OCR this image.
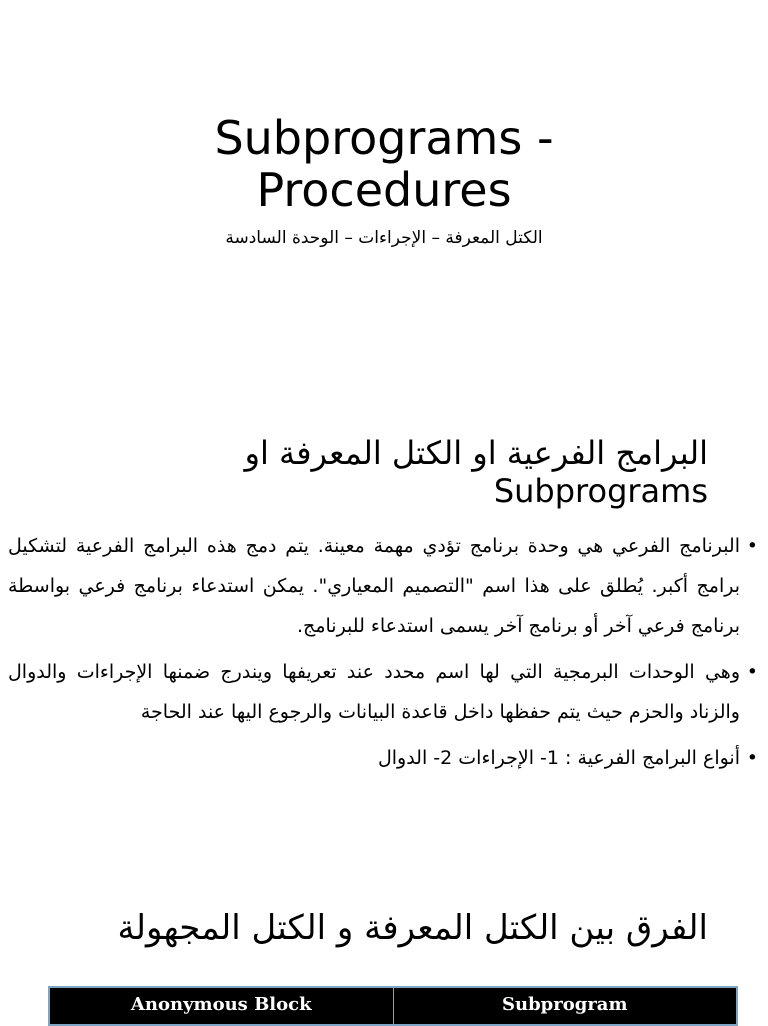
Subprograms -
Procedures
الكتل المعرفة – الإجراءات – الوحدة السادسة
البرامج الفرعية او الكتل المعرفة او
Subprograms
•
البرنامج الفرعي هي وحدة برنامج تؤدي مهمة معينة. يتم دمج هذه البرامج الفرعية لتشكيل برامج أكبر. يُطلق على هذا اسم "التصميم المعياري". يمكن استدعاء برنامج فرعي بواسطة برنامج فرعي آخر أو برنامج آخر يسمى استدعاء للبرنامج.
•
وهي الوحدات البرمجية التي لها اسم محدد عند تعريفها ويندرج ضمنها الإجراءات والدوال والزناد والحزم حيث يتم حفظها داخل قاعدة البيانات والرجوع اليها عند الحاجة
•
أنواع البرامج الفرعية : 1- الإجراءات 2- الدوال
الفرق بين الكتل المعرفة و الكتل المجهولة
Anonymous Block	Subprogram
